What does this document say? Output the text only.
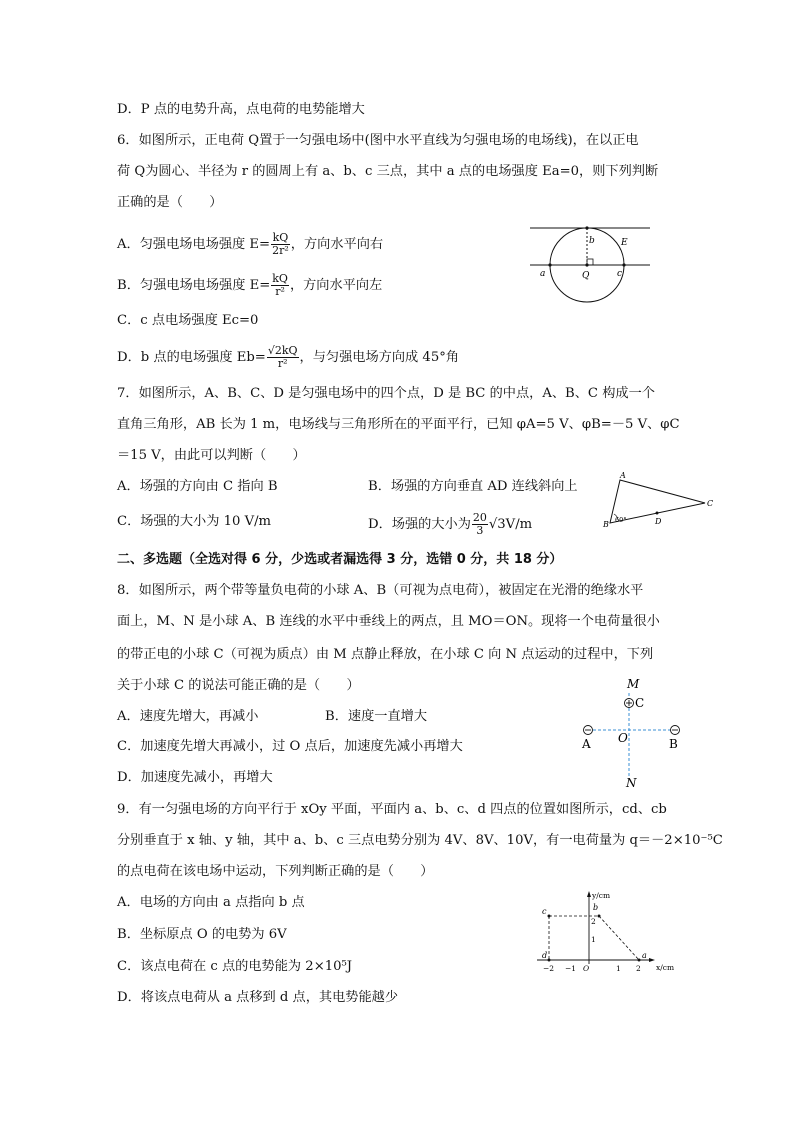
D．P 点的电势升高，点电荷的电势能增大
6．如图所示，正电荷 Q置于一匀强电场中(图中水平直线为匀强电场的电场线)，在以正电
荷 Q为圆心、半径为 r 的圆周上有 a、b、c 三点，其中 a 点的电场强度 Ea=0，则下列判断
正确的是（　　）
A．匀强电场电场强度 $E= \frac{kQ}{\text{2r²}}$ ，方向水平向右
B．匀强电场电场强度 $E= \frac{kQ}{\text{r²}}$ ，方向水平向左
C．c 点电场强度 Ec=0
D．b 点的电场强度 $Eb= \frac{√2kQ}{\text{r²}}$ ，与匀强电场方向成 45°角
b	E
a	Q	c
7．如图所示，A、B、C、D 是匀强电场中的四个点，D 是 BC 的中点，A、B、C 构成一个
直角三角形，AB 长为 1 m，电场线与三角形所在的平面平行，已知 φA=5 V、φB=－5 V、φC
＝15 V，由此可以判断（　　）
A．场强的方向由 C 指向 B	B．场强的方向垂直 AD 连线斜向上
C．场强的大小为 10 V/m	D．场强的大小为 $\frac{20}{3} √3V/m$
A
B
C
D
60°
二、多选题（全选对得 6 分，少选或者漏选得 3 分，选错 0 分，共 18 分）
8．如图所示，两个带等量负电荷的小球 A、B（可视为点电荷），被固定在光滑的绝缘水平
面上，M、N 是小球 A、B 连线的水平中垂线上的两点，且 MO＝ON。现将一个电荷量很小
的带正电的小球 C（可视为质点）由 M 点静止释放，在小球 C 向 N 点运动的过程中，下列
关于小球 C 的说法可能正确的是（　　）
A．速度先增大，再减小	B．速度一直增大
C．加速度先增大再减小，过 O 点后，加速度先减小再增大
D．加速度先减小，再增大
M
C
A O	B
N
9．有一匀强电场的方向平行于 xOy 平面，平面内 a、b、c、d 四点的位置如图所示，cd、cb
分别垂直于 x 轴、y 轴，其中 a、b、c 三点电势分别为 4V、8V、10V，有一电荷量为 q＝－2×10⁻⁵C
的点电荷在该电场中运动，下列判断正确的是（　　）
A．电场的方向由 a 点指向 b 点
B．坐标原点 O 的电势为 6V
C．该点电荷在 c 点的电势能为 2×10⁵J
D．将该点电荷从 a 点移到 d 点，其电势能越少
y/cm
x/cm
c	b
d	a
2
1
−2 −1 O	1 2
